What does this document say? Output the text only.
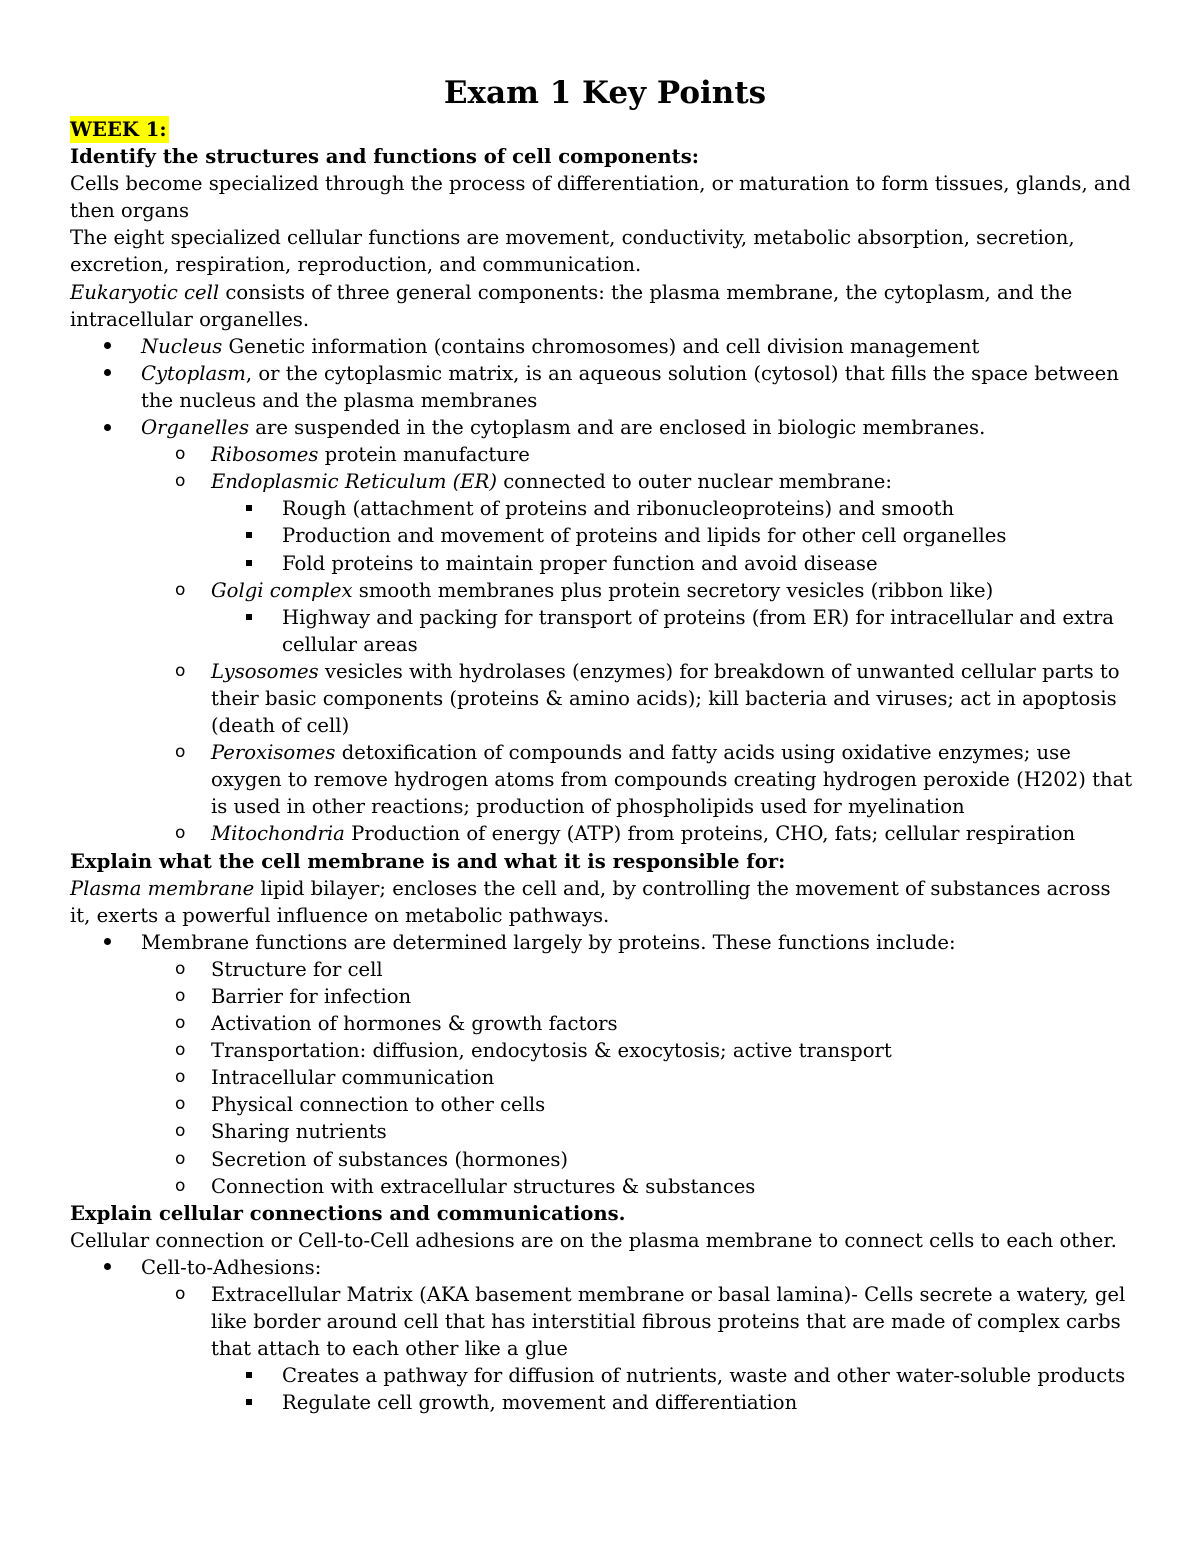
Exam 1 Key Points

WEEK 1:

Identify the structures and functions of cell components:

Cells become specialized through the process of differentiation, or maturation to form tissues, glands, and then organs

The eight specialized cellular functions are movement, conductivity, metabolic absorption, secretion, excretion, respiration, reproduction, and communication.

Eukaryotic cell consists of three general components: the plasma membrane, the cytoplasm, and the intracellular organelles.

Nucleus Genetic information (contains chromosomes) and cell division management
Cytoplasm, or the cytoplasmic matrix, is an aqueous solution (cytosol) that fills the space between the nucleus and the plasma membranes
Organelles are suspended in the cytoplasm and are enclosed in biologic membranes.
o Ribosomes protein manufacture
o Endoplasmic Reticulum (ER) connected to outer nuclear membrane:
Rough (attachment of proteins and ribonucleoproteins) and smooth
Production and movement of proteins and lipids for other cell organelles
Fold proteins to maintain proper function and avoid disease
o Golgi complex smooth membranes plus protein secretory vesicles (ribbon like)
Highway and packing for transport of proteins (from ER) for intracellular and extra cellular areas
o Lysosomes vesicles with hydrolases (enzymes) for breakdown of unwanted cellular parts to their basic components (proteins & amino acids); kill bacteria and viruses; act in apoptosis (death of cell)
o Peroxisomes detoxification of compounds and fatty acids using oxidative enzymes; use oxygen to remove hydrogen atoms from compounds creating hydrogen peroxide (H202) that is used in other reactions; production of phospholipids used for myelination
o Mitochondria Production of energy (ATP) from proteins, CHO, fats; cellular respiration

Explain what the cell membrane is and what it is responsible for:

Plasma membrane lipid bilayer; encloses the cell and, by controlling the movement of substances across it, exerts a powerful influence on metabolic pathways.

Membrane functions are determined largely by proteins. These functions include:
o Structure for cell
o Barrier for infection
o Activation of hormones & growth factors
o Transportation: diffusion, endocytosis & exocytosis; active transport
o Intracellular communication
o Physical connection to other cells
o Sharing nutrients
o Secretion of substances (hormones)
o Connection with extracellular structures & substances

Explain cellular connections and communications.

Cellular connection or Cell-to-Cell adhesions are on the plasma membrane to connect cells to each other.

Cell-to-Adhesions:
o Extracellular Matrix (AKA basement membrane or basal lamina)- Cells secrete a watery, gel like border around cell that has interstitial fibrous proteins that are made of complex carbs that attach to each other like a glue
Creates a pathway for diffusion of nutrients, waste and other water-soluble products
Regulate cell growth, movement and differentiation
